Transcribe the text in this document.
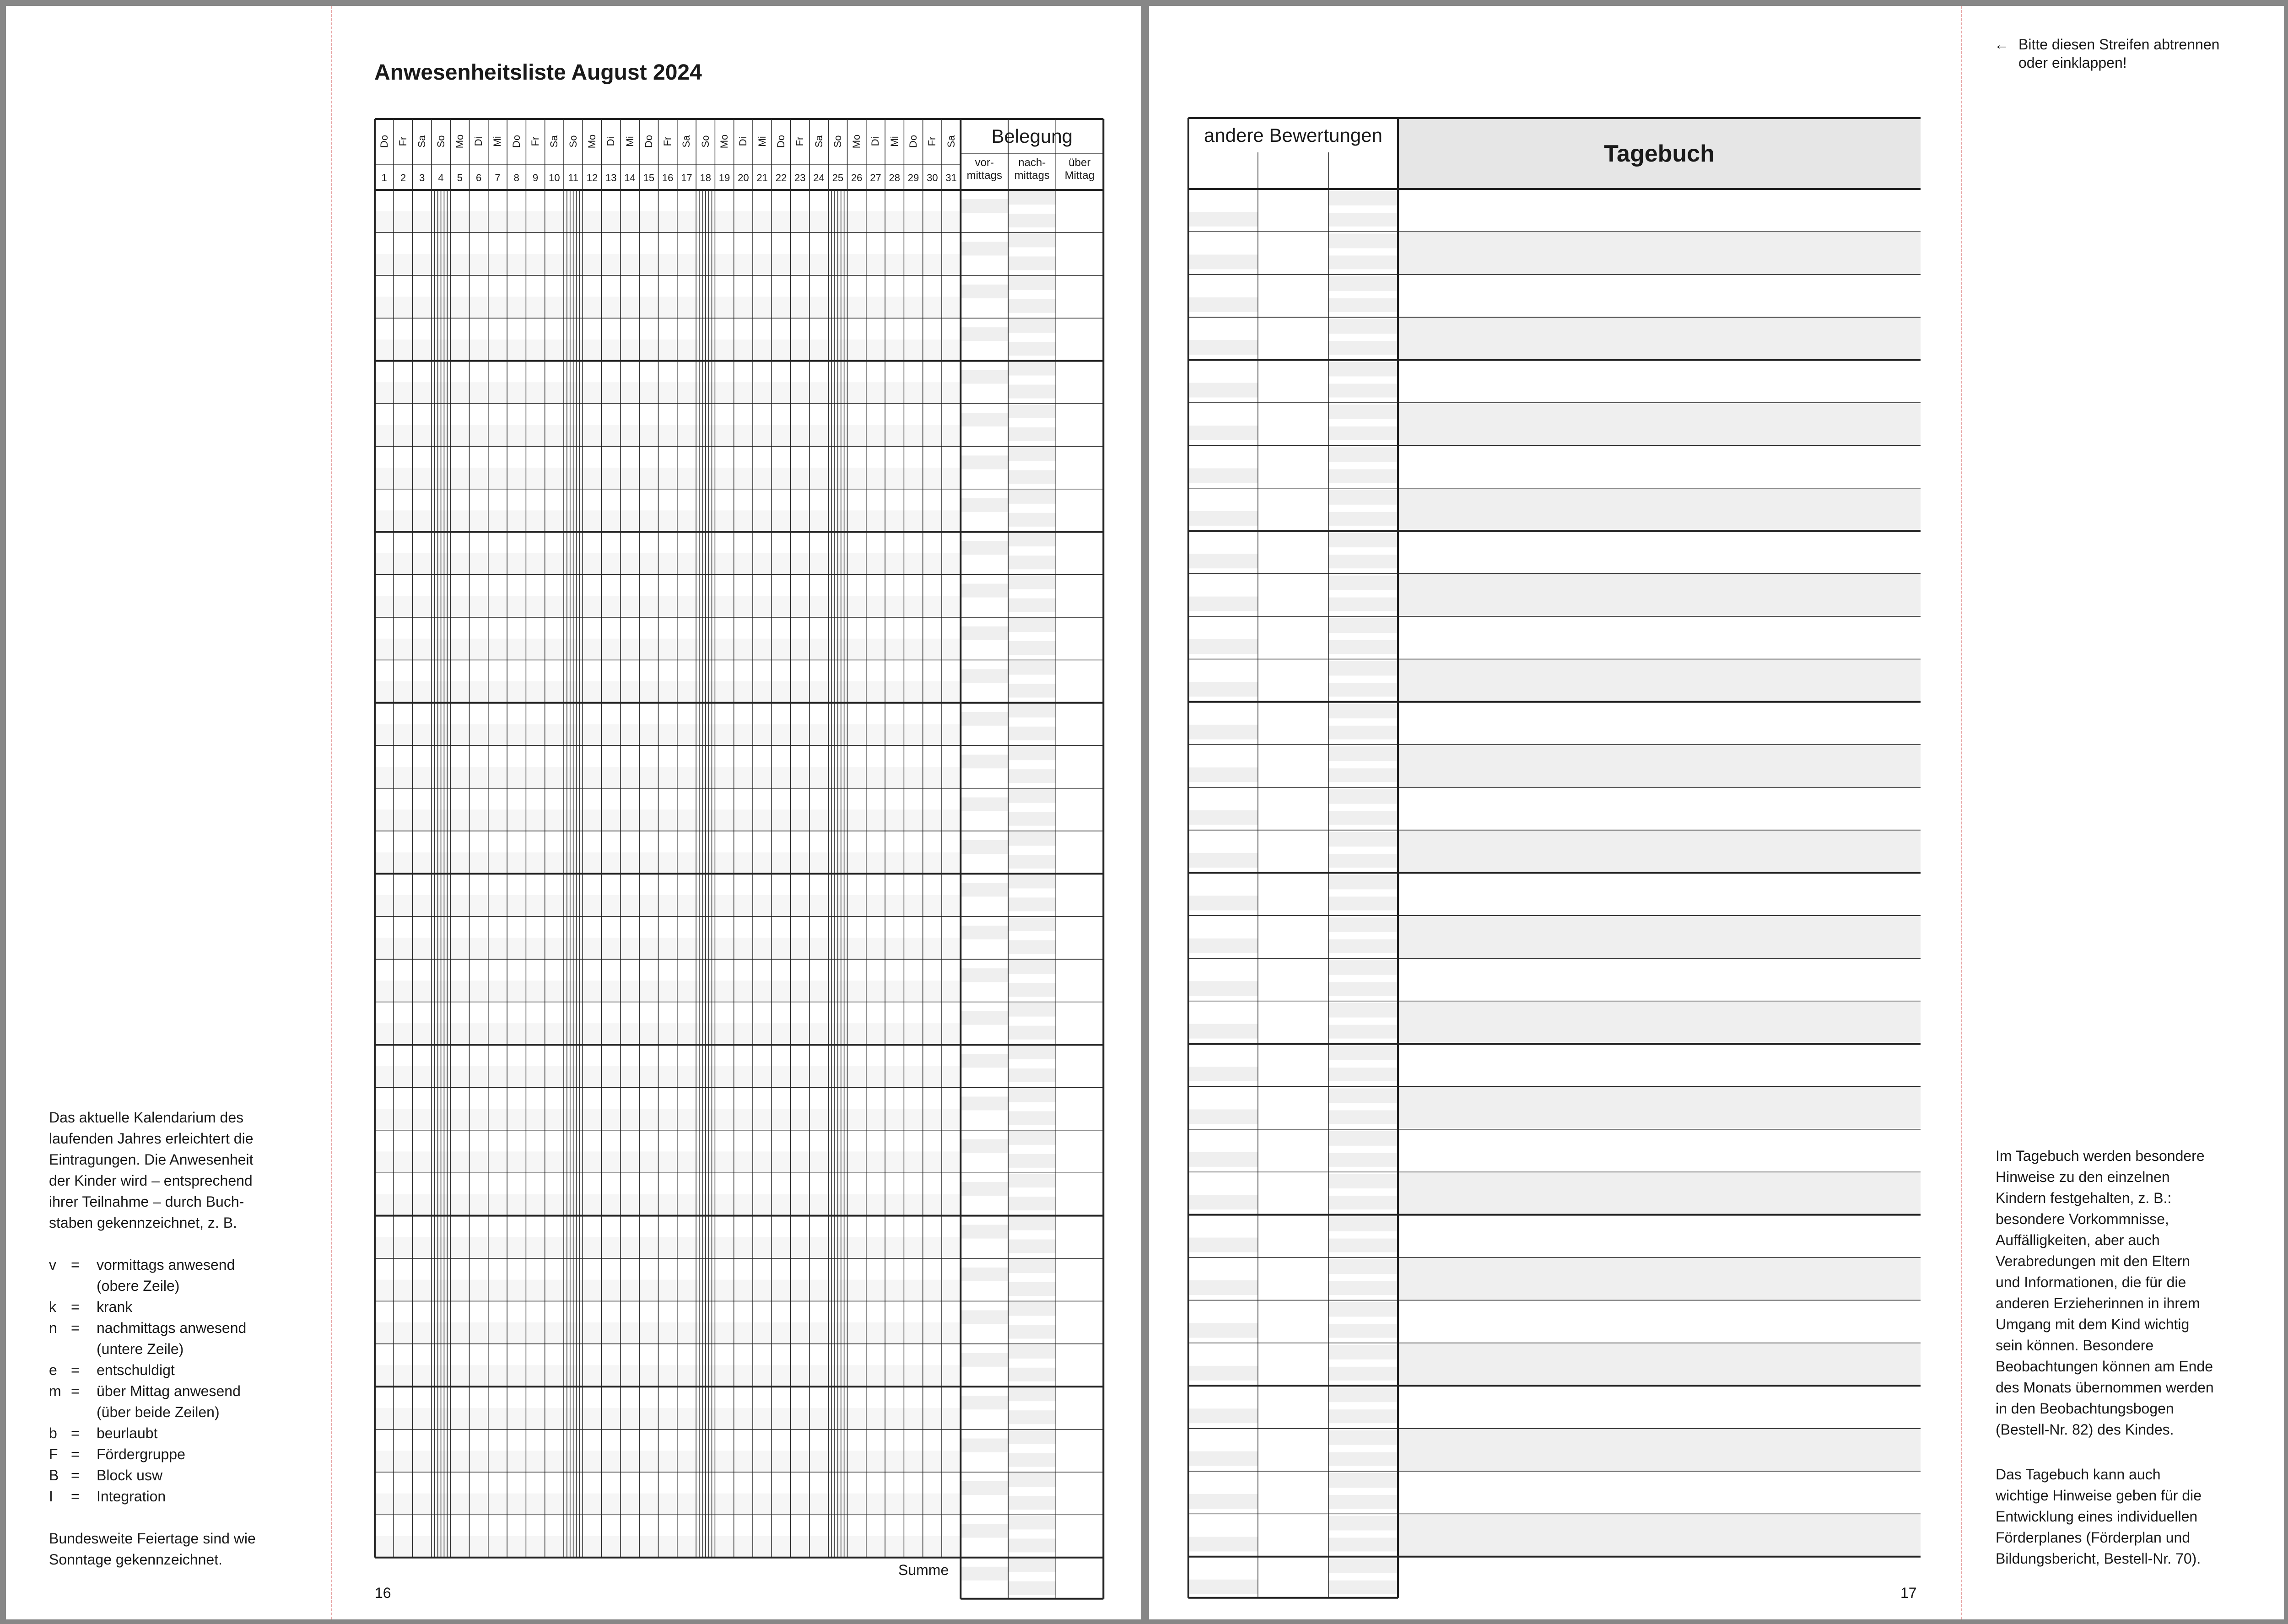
Anwesenheitsliste August 2024
Do Fr Sa So Mo Di Mi Do Fr Sa So Mo Di Mi Do Fr Sa So Mo Di Mi Do Fr Sa So Mo Di Mi Do Fr Sa
1	2	3	4	5	6	7	8	9	10 11 12 13 14 15 16 17 18 19 20 21 22 23 24 25 26 27 28 29 30 31
Belegung
vor-
mittags
nach-
mittags
über
Mittag
Summe
16
Das aktuelle Kalendarium des
laufenden Jahres erleichtert die
Eintragungen. Die Anwesenheit
der Kinder wird – entsprechend
ihrer Teilnahme – durch Buch-
staben gekennzeichnet, z. B.
v	=	vormittags anwesend
(obere Zeile)
k	=	krank
n =	nachmittags anwesend
(untere Zeile)
e =	entschuldigt
m =	über Mittag anwesend
(über beide Zeilen)
b =	beurlaubt
F =	Fördergruppe
B =	Block usw
I	=	Integration
Bundesweite Feiertage sind wie
Sonntage gekennzeichnet.
andere Bewertungen
Tagebuch
17
← Bitte diesen Streifen abtrennen
oder einklappen!
Im Tagebuch werden besondere
Hinweise zu den einzelnen
Kindern festgehalten, z. B.:
besondere Vorkommnisse,
Auffälligkeiten, aber auch
Verabredungen mit den Eltern
und Informationen, die für die
anderen Erzieherinnen in ihrem
Umgang mit dem Kind wichtig
sein können. Besondere
Beobachtungen können am Ende
des Monats übernommen werden
in den Beobachtungsbogen
(Bestell-Nr. 82) des Kindes.
Das Tagebuch kann auch
wichtige Hinweise geben für die
Entwicklung eines individuellen
Förderplanes (Förderplan und
Bildungsbericht, Bestell-Nr. 70).
